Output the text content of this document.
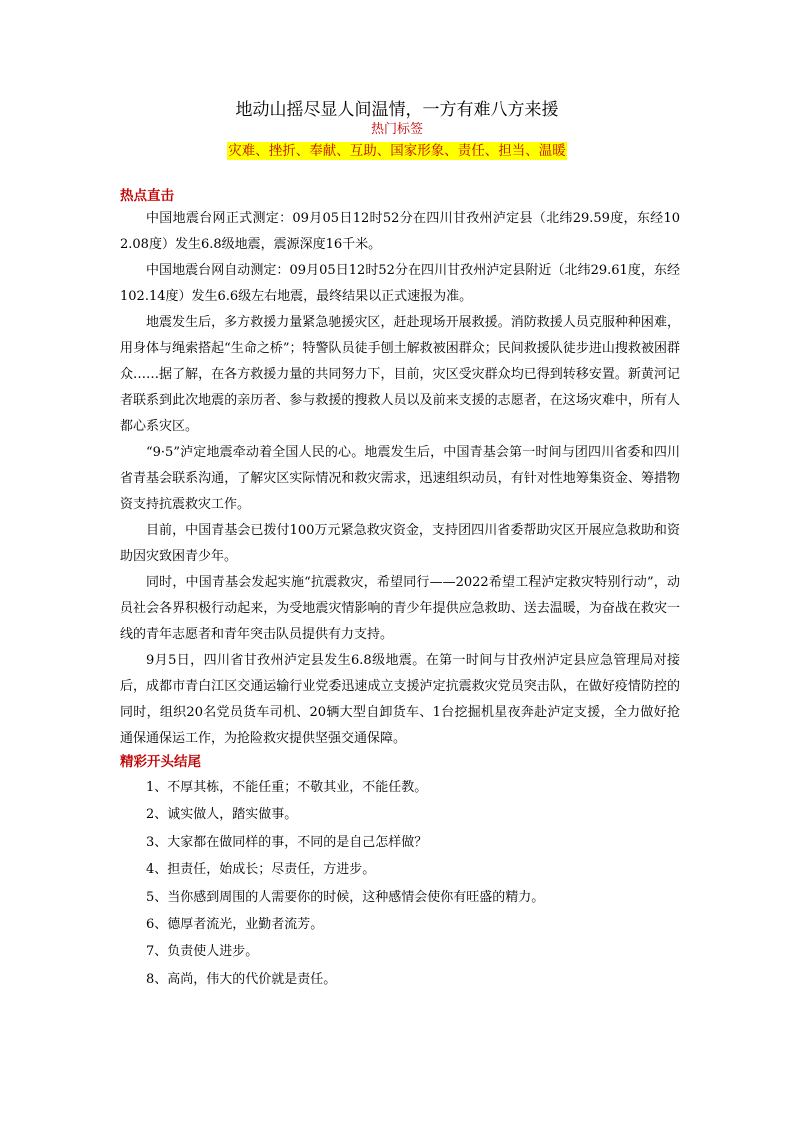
地动山摇尽显人间温情，一方有难八方来援
热门标签
灾难、挫折、奉献、互助、国家形象、责任、担当、温暖
热点直击

中国地震台网正式测定：09月05日12时52分在四川甘孜州泸定县（北纬29.59度，东经102.08度）发生6.8级地震，震源深度16千米。

中国地震台网自动测定：09月05日12时52分在四川甘孜州泸定县附近（北纬29.61度，东经102.14度）发生6.6级左右地震，最终结果以正式速报为准。

地震发生后，多方救援力量紧急驰援灾区，赶赴现场开展救援。消防救援人员克服种种困难，用身体与绳索搭起“生命之桥”；特警队员徒手刨土解救被困群众；民间救援队徒步进山搜救被困群众……据了解，在各方救援力量的共同努力下，目前，灾区受灾群众均已得到转移安置。新黄河记者联系到此次地震的亲历者、参与救援的搜救人员以及前来支援的志愿者，在这场灾难中，所有人都心系灾区。

“9·5”泸定地震牵动着全国人民的心。地震发生后，中国青基会第一时间与团四川省委和四川省青基会联系沟通，了解灾区实际情况和救灾需求，迅速组织动员，有针对性地筹集资金、筹措物资支持抗震救灾工作。

目前，中国青基会已拨付100万元紧急救灾资金，支持团四川省委帮助灾区开展应急救助和资助因灾致困青少年。

同时，中国青基会发起实施“抗震救灾，希望同行——2022希望工程泸定救灾特别行动”，动员社会各界积极行动起来，为受地震灾情影响的青少年提供应急救助、送去温暖，为奋战在救灾一线的青年志愿者和青年突击队员提供有力支持。

9月5日，四川省甘孜州泸定县发生6.8级地震。在第一时间与甘孜州泸定县应急管理局对接后，成都市青白江区交通运输行业党委迅速成立支援泸定抗震救灾党员突击队，在做好疫情防控的同时，组织20名党员货车司机、20辆大型自卸货车、1台挖掘机星夜奔赴泸定支援，全力做好抢通保通保运工作，为抢险救灾提供坚强交通保障。

精彩开头结尾
1、不厚其栋，不能任重；不敬其业，不能任教。
2、诚实做人，踏实做事。
3、大家都在做同样的事，不同的是自己怎样做？
4、担责任，始成长；尽责任，方进步。
5、当你感到周围的人需要你的时候，这种感情会使你有旺盛的精力。
6、德厚者流光，业勤者流芳。
7、负责使人进步。
8、高尚，伟大的代价就是责任。
